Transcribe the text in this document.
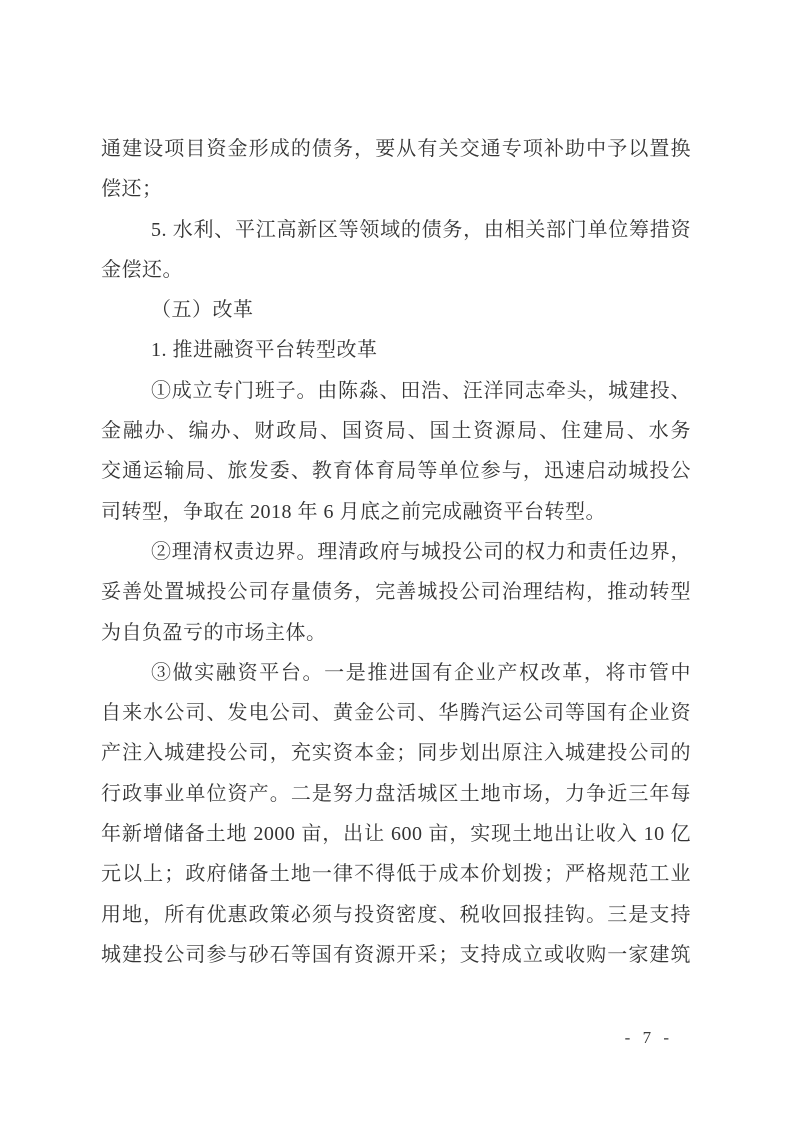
通建设项目资金形成的债务，要从有关交通专项补助中予以置换
偿还；
5. 水利、平江高新区等领域的债务，由相关部门单位筹措资
金偿还。
（五）改革
1. 推进融资平台转型改革
①成立专门班子。由陈淼、田浩、汪洋同志牵头，城建投、
金融办、编办、财政局、国资局、国土资源局、住建局、水务
交通运输局、旅发委、教育体育局等单位参与，迅速启动城投公
司转型，争取在 2018 年 6 月底之前完成融资平台转型。
②理清权责边界。理清政府与城投公司的权力和责任边界，
妥善处置城投公司存量债务，完善城投公司治理结构，推动转型
为自负盈亏的市场主体。
③做实融资平台。一是推进国有企业产权改革，将市管中
自来水公司、发电公司、黄金公司、华腾汽运公司等国有企业资
产注入城建投公司，充实资本金；同步划出原注入城建投公司的
行政事业单位资产。二是努力盘活城区土地市场，力争近三年每
年新增储备土地 2000 亩，出让 600 亩，实现土地出让收入 10 亿
元以上；政府储备土地一律不得低于成本价划拨；严格规范工业
用地，所有优惠政策必须与投资密度、税收回报挂钩。三是支持
城建投公司参与砂石等国有资源开采；支持成立或收购一家建筑
- 7 -
